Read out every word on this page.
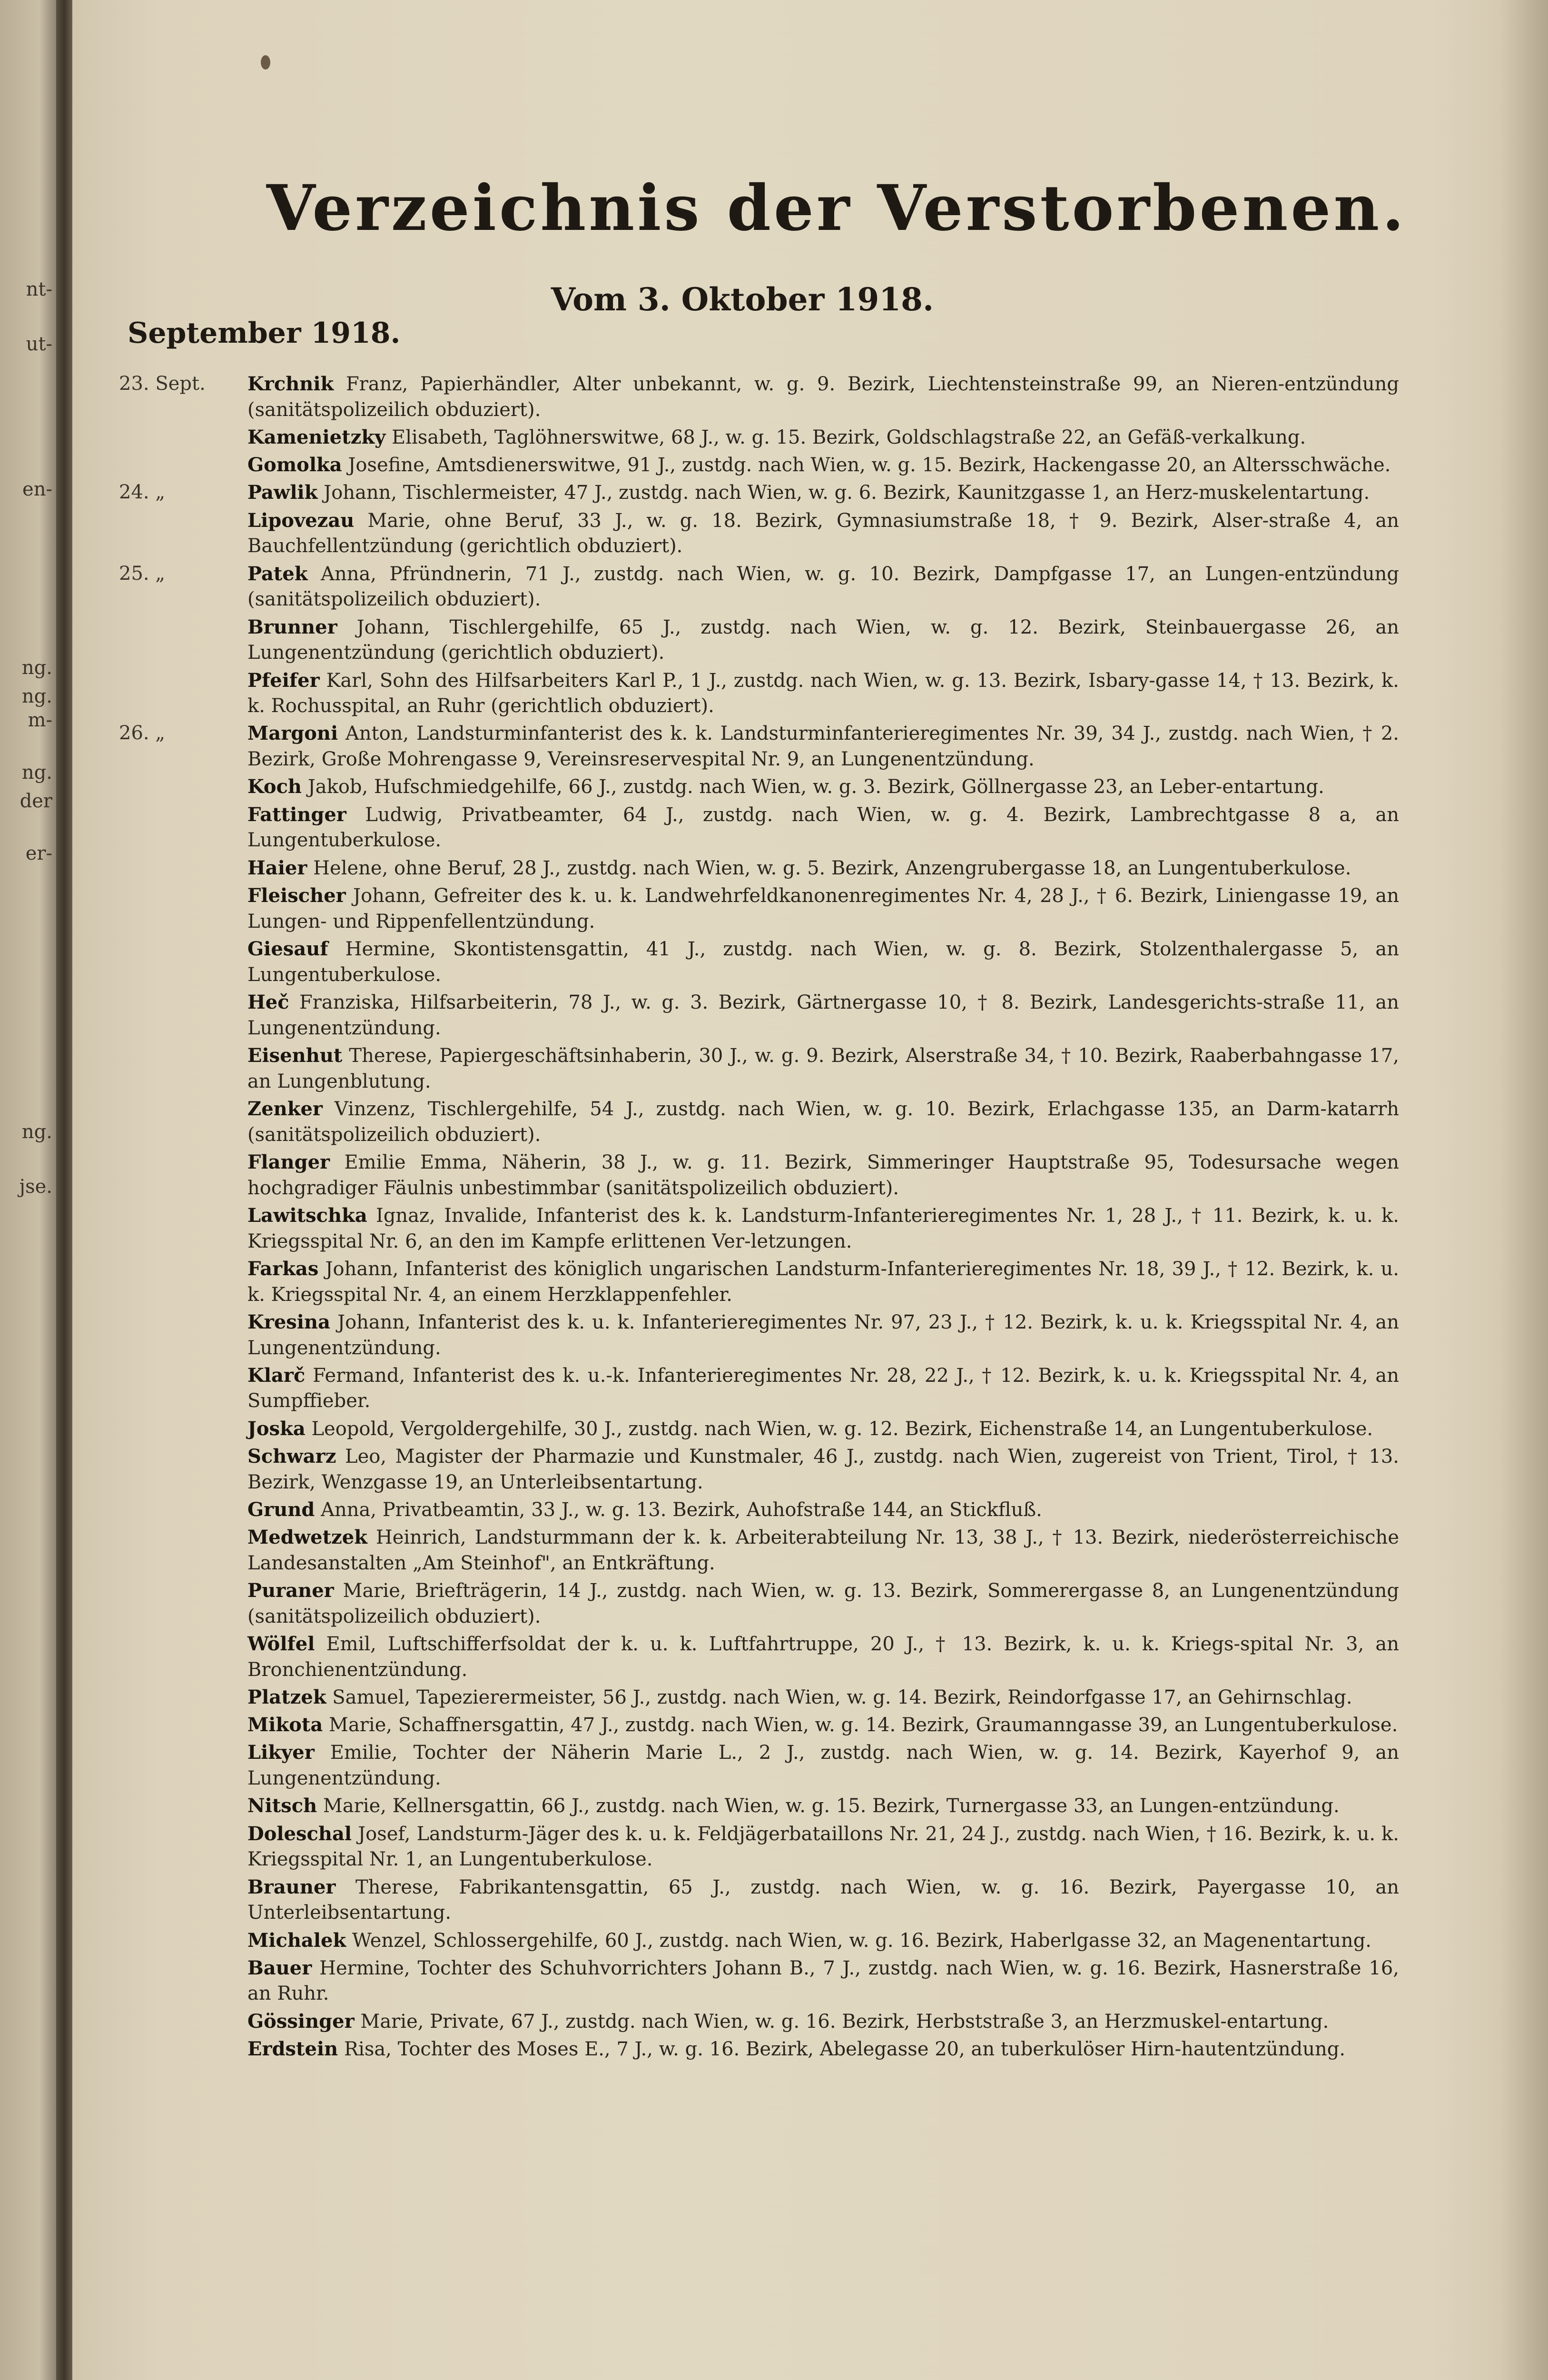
nt-
ut-
en-
ng.
ng.
m-
ng.
der
er-
ng.
jse.
Verzeichnis der Verstorbenen.
Vom 3. Oktober 1918.
September 1918.
23. Sept.	Krchnik Franz, Papierhändler, Alter unbekannt, w. g. 9. Bezirk, Liechtensteinstraße 99, an Nieren-entzündung (sanitätspolizeilich obduziert).
Kamenietzky Elisabeth, Taglöhnerswitwe, 68 J., w. g. 15. Bezirk, Goldschlagstraße 22, an Gefäß-verkalkung.
Gomolka Josefine, Amtsdienerswitwe, 91 J., zustdg. nach Wien, w. g. 15. Bezirk, Hackengasse 20, an Altersschwäche.
24. „	Pawlik Johann, Tischlermeister, 47 J., zustdg. nach Wien, w. g. 6. Bezirk, Kaunitzgasse 1, an Herz-muskelentartung.
Lipovezau Marie, ohne Beruf, 33 J., w. g. 18. Bezirk, Gymnasiumstraße 18, † 9. Bezirk, Alser-straße 4, an Bauchfellentzündung (gerichtlich obduziert).
25. „	Patek Anna, Pfründnerin, 71 J., zustdg. nach Wien, w. g. 10. Bezirk, Dampfgasse 17, an Lungen-entzündung (sanitätspolizeilich obduziert).
Brunner Johann, Tischlergehilfe, 65 J., zustdg. nach Wien, w. g. 12. Bezirk, Steinbauergasse 26, an Lungenentzündung (gerichtlich obduziert).
Pfeifer Karl, Sohn des Hilfsarbeiters Karl P., 1 J., zustdg. nach Wien, w. g. 13. Bezirk, Isbary-gasse 14, † 13. Bezirk, k. k. Rochusspital, an Ruhr (gerichtlich obduziert).
26. „	Margoni Anton, Landsturminfanterist des k. k. Landsturminfanterieregimentes Nr. 39, 34 J., zustdg. nach Wien, † 2. Bezirk, Große Mohrengasse 9, Vereinsreservespital Nr. 9, an Lungenentzündung.
Koch Jakob, Hufschmiedgehilfe, 66 J., zustdg. nach Wien, w. g. 3. Bezirk, Göllnergasse 23, an Leber-entartung.
Fattinger Ludwig, Privatbeamter, 64 J., zustdg. nach Wien, w. g. 4. Bezirk, Lambrechtgasse 8 a, an Lungentuberkulose.
Haier Helene, ohne Beruf, 28 J., zustdg. nach Wien, w. g. 5. Bezirk, Anzengrubergasse 18, an Lungentuberkulose.
Fleischer Johann, Gefreiter des k. u. k. Landwehrfeldkanonenregimentes Nr. 4, 28 J., † 6. Bezirk, Liniengasse 19, an Lungen- und Rippenfellentzündung.
Giesauf Hermine, Skontistensgattin, 41 J., zustdg. nach Wien, w. g. 8. Bezirk, Stolzenthalergasse 5, an Lungentuberkulose.
Heč Franziska, Hilfsarbeiterin, 78 J., w. g. 3. Bezirk, Gärtnergasse 10, † 8. Bezirk, Landesgerichts-straße 11, an Lungenentzündung.
Eisenhut Therese, Papiergeschäftsinhaberin, 30 J., w. g. 9. Bezirk, Alserstraße 34, † 10. Bezirk, Raaberbahngasse 17, an Lungenblutung.
Zenker Vinzenz, Tischlergehilfe, 54 J., zustdg. nach Wien, w. g. 10. Bezirk, Erlachgasse 135, an Darm-katarrh (sanitätspolizeilich obduziert).
Flanger Emilie Emma, Näherin, 38 J., w. g. 11. Bezirk, Simmeringer Hauptstraße 95, Todesursache wegen hochgradiger Fäulnis unbestimmbar (sanitätspolizeilich obduziert).
Lawitschka Ignaz, Invalide, Infanterist des k. k. Landsturm-Infanterieregimentes Nr. 1, 28 J., † 11. Bezirk, k. u. k. Kriegsspital Nr. 6, an den im Kampfe erlittenen Ver-letzungen.
Farkas Johann, Infanterist des königlich ungarischen Landsturm-Infanterieregimentes Nr. 18, 39 J., † 12. Bezirk, k. u. k. Kriegsspital Nr. 4, an einem Herzklappenfehler.
Kresina Johann, Infanterist des k. u. k. Infanterieregimentes Nr. 97, 23 J., † 12. Bezirk, k. u. k. Kriegsspital Nr. 4, an Lungenentzündung.
Klarč Fermand, Infanterist des k. u.-k. Infanterieregimentes Nr. 28, 22 J., † 12. Bezirk, k. u. k. Kriegsspital Nr. 4, an Sumpffieber.
Joska Leopold, Vergoldergehilfe, 30 J., zustdg. nach Wien, w. g. 12. Bezirk, Eichenstraße 14, an Lungentuberkulose.
Schwarz Leo, Magister der Pharmazie und Kunstmaler, 46 J., zustdg. nach Wien, zugereist von Trient, Tirol, † 13. Bezirk, Wenzgasse 19, an Unterleibsentartung.
Grund Anna, Privatbeamtin, 33 J., w. g. 13. Bezirk, Auhofstraße 144, an Stickfluß.
Medwetzek Heinrich, Landsturmmann der k. k. Arbeiterabteilung Nr. 13, 38 J., † 13. Bezirk, niederösterreichische Landesanstalten „Am Steinhof", an Entkräftung.
Puraner Marie, Briefträgerin, 14 J., zustdg. nach Wien, w. g. 13. Bezirk, Sommerergasse 8, an Lungenentzündung (sanitätspolizeilich obduziert).
Wölfel Emil, Luftschifferfsoldat der k. u. k. Luftfahrtruppe, 20 J., † 13. Bezirk, k. u. k. Kriegs-spital Nr. 3, an Bronchienentzündung.
Platzek Samuel, Tapezierermeister, 56 J., zustdg. nach Wien, w. g. 14. Bezirk, Reindorfgasse 17, an Gehirnschlag.
Mikota Marie, Schaffnersgattin, 47 J., zustdg. nach Wien, w. g. 14. Bezirk, Graumanngasse 39, an Lungentuberkulose.
Likyer Emilie, Tochter der Näherin Marie L., 2 J., zustdg. nach Wien, w. g. 14. Bezirk, Kayerhof 9, an Lungenentzündung.
Nitsch Marie, Kellnersgattin, 66 J., zustdg. nach Wien, w. g. 15. Bezirk, Turnergasse 33, an Lungen-entzündung.
Doleschal Josef, Landsturm-Jäger des k. u. k. Feldjägerbataillons Nr. 21, 24 J., zustdg. nach Wien, † 16. Bezirk, k. u. k. Kriegsspital Nr. 1, an Lungentuberkulose.
Brauner Therese, Fabrikantensgattin, 65 J., zustdg. nach Wien, w. g. 16. Bezirk, Payergasse 10, an Unterleibsentartung.
Michalek Wenzel, Schlossergehilfe, 60 J., zustdg. nach Wien, w. g. 16. Bezirk, Haberlgasse 32, an Magenentartung.
Bauer Hermine, Tochter des Schuhvorrichters Johann B., 7 J., zustdg. nach Wien, w. g. 16. Bezirk, Hasnerstraße 16, an Ruhr.
Gössinger Marie, Private, 67 J., zustdg. nach Wien, w. g. 16. Bezirk, Herbststraße 3, an Herzmuskel-entartung.
Erdstein Risa, Tochter des Moses E., 7 J., w. g. 16. Bezirk, Abelegasse 20, an tuberkulöser Hirn-hautentzündung.
